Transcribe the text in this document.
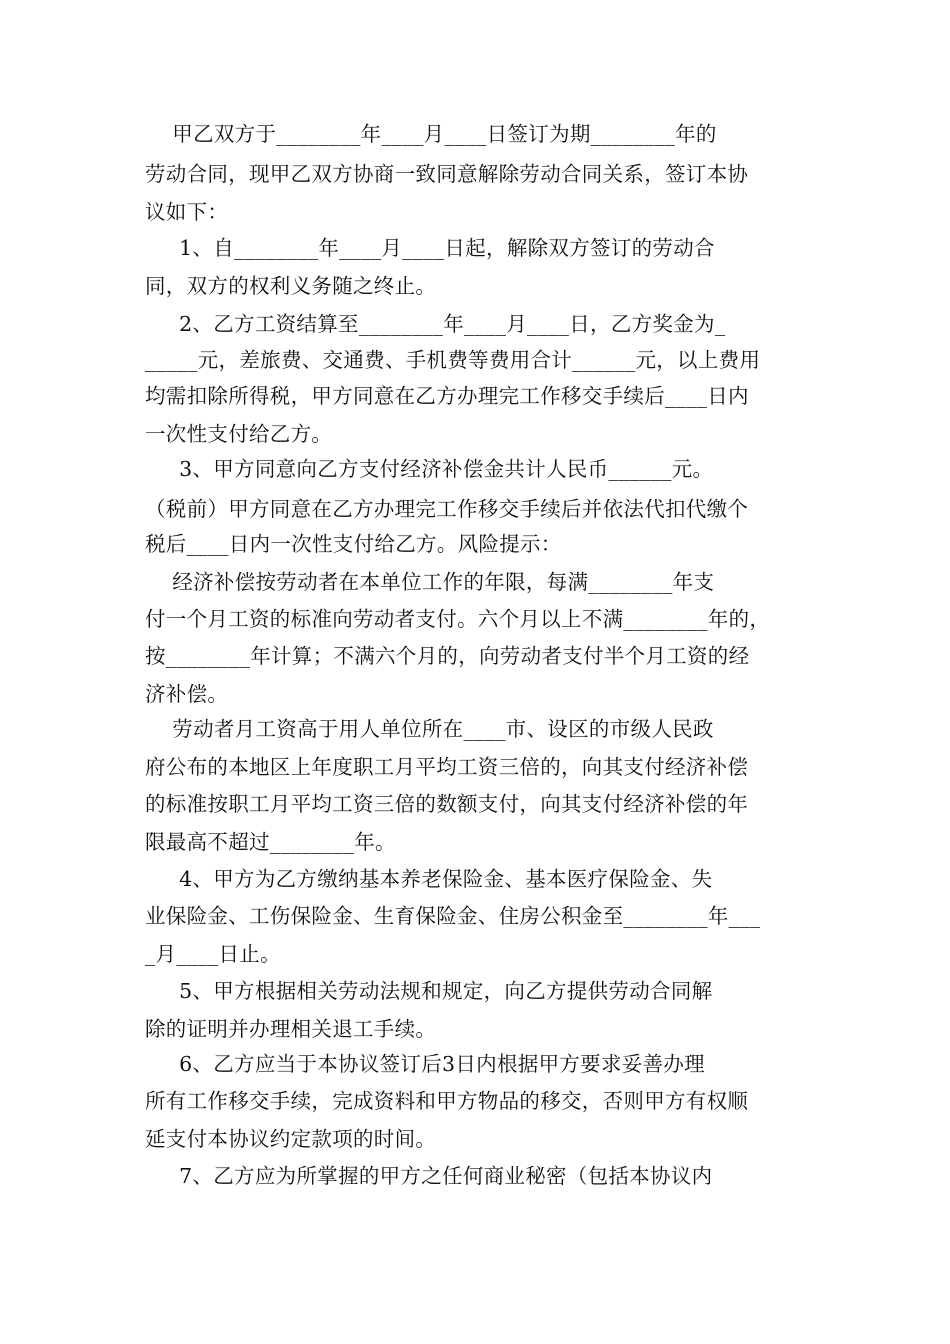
甲乙双方于________年____月____日签订为期________年的
劳动合同，现甲乙双方协商一致同意解除劳动合同关系，签订本协
议如下：
1、自________年____月____日起，解除双方签订的劳动合
同，双方的权利义务随之终止。
2、乙方工资结算至________年____月____日，乙方奖金为_
_____元，差旅费、交通费、手机费等费用合计______元，以上费用
均需扣除所得税，甲方同意在乙方办理完工作移交手续后____日内
一次性支付给乙方。
3、甲方同意向乙方支付经济补偿金共计人民币______元。
（税前）甲方同意在乙方办理完工作移交手续后并依法代扣代缴个
税后____日内一次性支付给乙方。风险提示：
经济补偿按劳动者在本单位工作的年限，每满________年支
付一个月工资的标准向劳动者支付。六个月以上不满________年的，
按________年计算；不满六个月的，向劳动者支付半个月工资的经
济补偿。
劳动者月工资高于用人单位所在____市、设区的市级人民政
府公布的本地区上年度职工月平均工资三倍的，向其支付经济补偿
的标准按职工月平均工资三倍的数额支付，向其支付经济补偿的年
限最高不超过________年。
4、甲方为乙方缴纳基本养老保险金、基本医疗保险金、失
业保险金、工伤保险金、生育保险金、住房公积金至________年___
_月____日止。
5、甲方根据相关劳动法规和规定，向乙方提供劳动合同解
除的证明并办理相关退工手续。
6、乙方应当于本协议签订后3日内根据甲方要求妥善办理
所有工作移交手续，完成资料和甲方物品的移交，否则甲方有权顺
延支付本协议约定款项的时间。
7、乙方应为所掌握的甲方之任何商业秘密（包括本协议内
